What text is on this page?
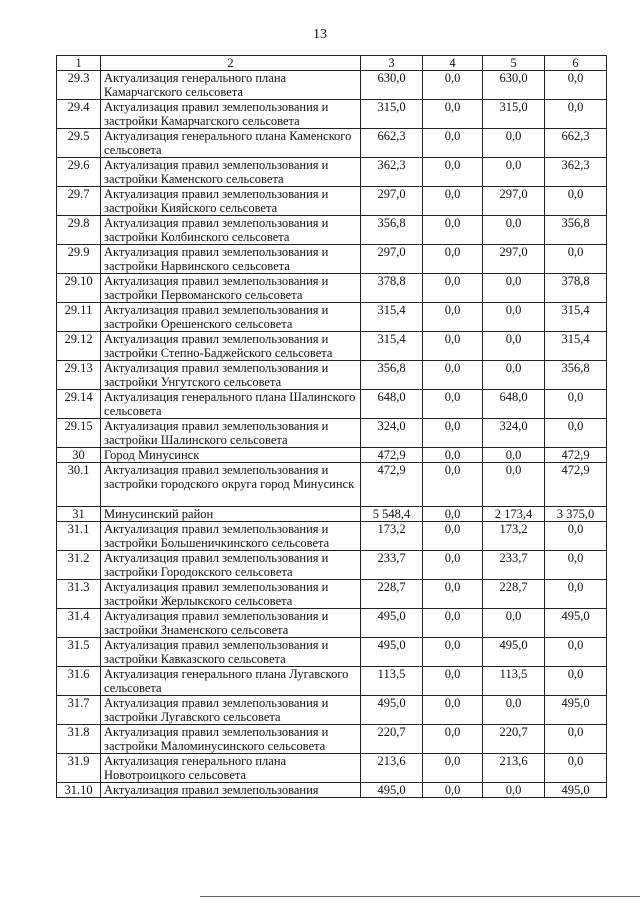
13
1	2	3	4	5	6
29.3	Актуализация генерального плана Камарчагского сельсовета	630,0	0,0	630,0	0,0
29.4	Актуализация правил землепользования и застройки Камарчагского сельсовета	315,0	0,0	315,0	0,0
29.5	Актуализация генерального плана Каменского сельсовета	662,3	0,0	0,0	662,3
29.6	Актуализация правил землепользования и застройки Каменского сельсовета	362,3	0,0	0,0	362,3
29.7	Актуализация правил землепользования и застройки Кияйского сельсовета	297,0	0,0	297,0	0,0
29.8	Актуализация правил землепользования и застройки Колбинского сельсовета	356,8	0,0	0,0	356,8
29.9	Актуализация правил землепользования и застройки Нарвинского сельсовета	297,0	0,0	297,0	0,0
29.10	Актуализация правил землепользования и застройки Первоманского сельсовета	378,8	0,0	0,0	378,8
29.11	Актуализация правил землепользования и застройки Орешенского сельсовета	315,4	0,0	0,0	315,4
29.12	Актуализация правил землепользования и застройки Степно-Баджейского сельсовета	315,4	0,0	0,0	315,4
29.13	Актуализация правил землепользования и застройки Унгутского сельсовета	356,8	0,0	0,0	356,8
29.14	Актуализация генерального плана Шалинского сельсовета	648,0	0,0	648,0	0,0
29.15	Актуализация правил землепользования и застройки Шалинского сельсовета	324,0	0,0	324,0	0,0
30	Город Минусинск	472,9	0,0	0,0	472,9
30.1	Актуализация правил землепользования и застройки городского округа город Минусинск	472,9	0,0	0,0	472,9
31	Минусинский район	5 548,4	0,0	2 173,4	3 375,0
31.1	Актуализация правил землепользования и застройки Большеничкинского сельсовета	173,2	0,0	173,2	0,0
31.2	Актуализация правил землепользования и застройки Городокского сельсовета	233,7	0,0	233,7	0,0
31.3	Актуализация правил землепользования и застройки Жерлыкского сельсовета	228,7	0,0	228,7	0,0
31.4	Актуализация правил землепользования и застройки Знаменского сельсовета	495,0	0,0	0,0	495,0
31.5	Актуализация правил землепользования и застройки Кавказского сельсовета	495,0	0,0	495,0	0,0
31.6	Актуализация генерального плана Лугавского сельсовета	113,5	0,0	113,5	0,0
31.7	Актуализация правил землепользования и застройки Лугавского сельсовета	495,0	0,0	0,0	495,0
31.8	Актуализация правил землепользования и застройки Маломинусинского сельсовета	220,7	0,0	220,7	0,0
31.9	Актуализация генерального плана Новотроицкого сельсовета	213,6	0,0	213,6	0,0
31.10	Актуализация правил землепользования	495,0	0,0	0,0	495,0
